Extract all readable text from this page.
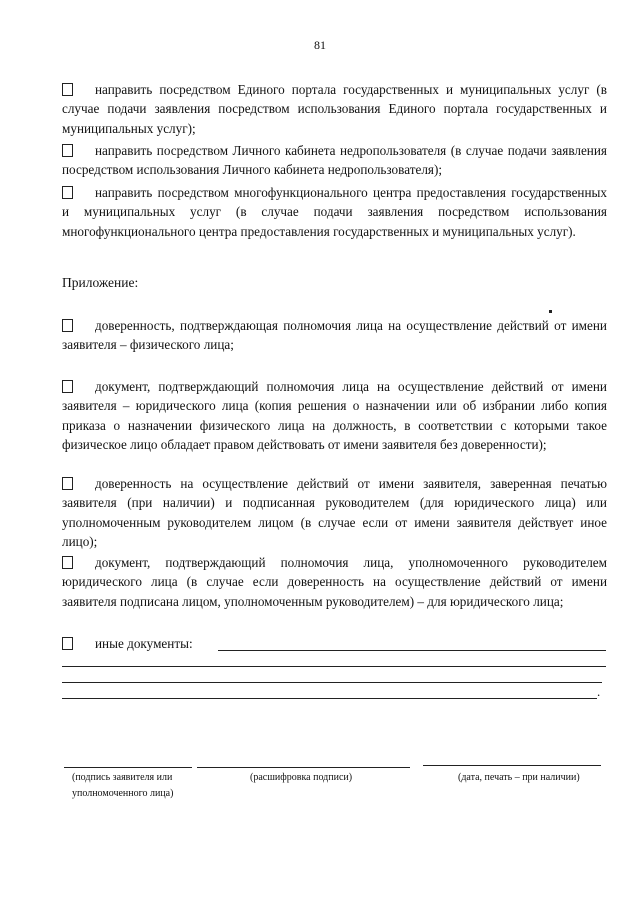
81

направить посредством Единого портала государственных и муниципальных услуг (в случае подачи заявления посредством использования Единого портала государственных и муниципальных услуг);

направить посредством Личного кабинета недропользователя (в случае подачи заявления посредством использования Личного кабинета недропользователя);

направить посредством многофункционального центра предоставления государственных и муниципальных услуг (в случае подачи заявления посредством использования многофункционального центра предоставления государственных и муниципальных услуг).

Приложение:

доверенность, подтверждающая полномочия лица на осуществление действий от имени заявителя – физического лица;

документ, подтверждающий полномочия лица на осуществление действий от имени заявителя – юридического лица (копия решения о назначении или об избрании либо копия приказа о назначении физического лица на должность, в соответствии с которыми такое физическое лицо обладает правом действовать от имени заявителя без доверенности);

доверенность на осуществление действий от имени заявителя, заверенная печатью заявителя (при наличии) и подписанная руководителем (для юридического лица) или уполномоченным руководителем лицом (в случае если от имени заявителя действует иное лицо);

документ, подтверждающий полномочия лица, уполномоченного руководителем юридического лица (в случае если доверенность на осуществление действий от имени заявителя подписана лицом, уполномоченным руководителем) – для юридического лица;

иные документы:
.
(подпись заявителя или
уполномоченного лица)
(расшифровка подписи)	(дата, печать – при наличии)
